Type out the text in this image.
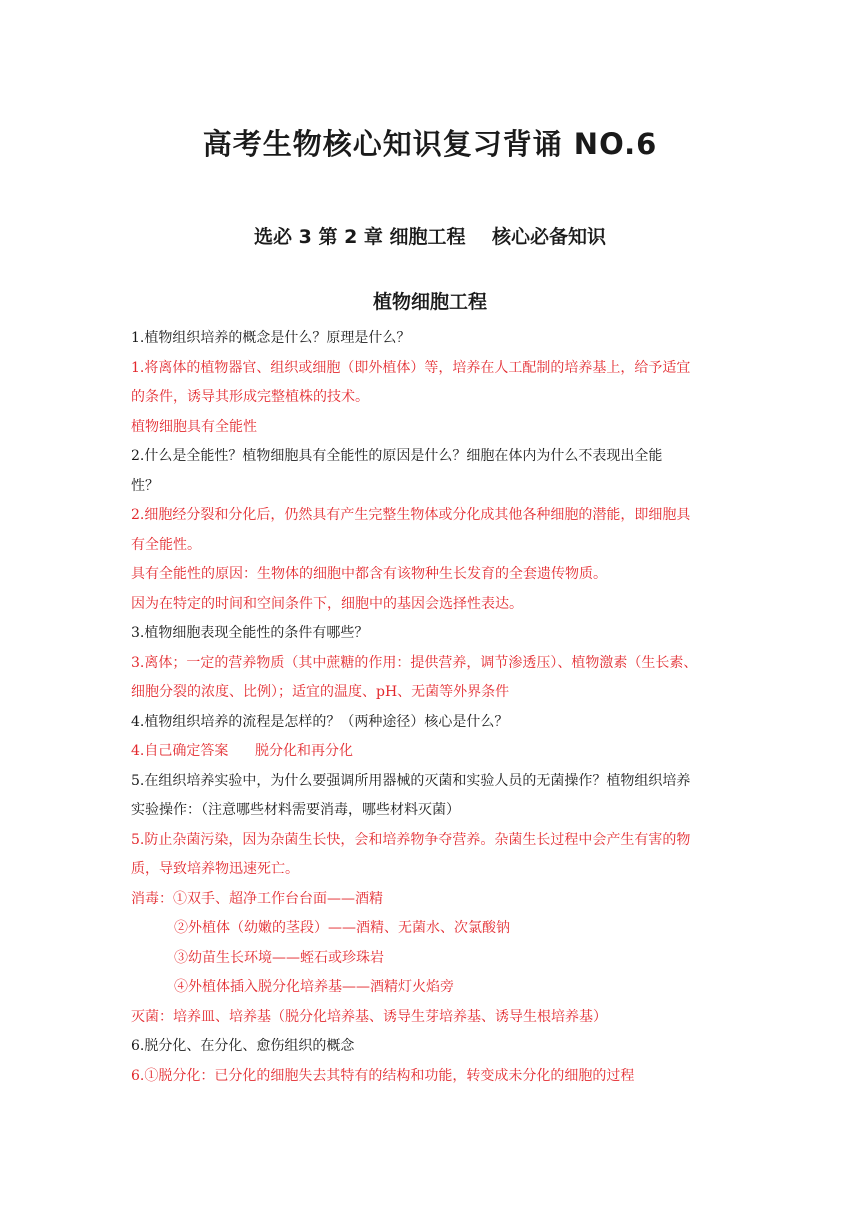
高考生物核心知识复习背诵 NO.6
选必 3 第 2 章 细胞工程    核心必备知识
植物细胞工程
1.植物组织培养的概念是什么？原理是什么？
1.将离体的植物器官、组织或细胞（即外植体）等，培养在人工配制的培养基上，给予适宜
的条件，诱导其形成完整植株的技术。
植物细胞具有全能性
2.什么是全能性？植物细胞具有全能性的原因是什么？细胞在体内为什么不表现出全能
性？
2.细胞经分裂和分化后，仍然具有产生完整生物体或分化成其他各种细胞的潜能，即细胞具
有全能性。
具有全能性的原因：生物体的细胞中都含有该物种生长发育的全套遗传物质。
因为在特定的时间和空间条件下，细胞中的基因会选择性表达。
3.植物细胞表现全能性的条件有哪些？
3.离体；一定的营养物质（其中蔗糖的作用：提供营养，调节渗透压）、植物激素（生长素、
细胞分裂的浓度、比例）；适宜的温度、pH、无菌等外界条件
4.植物组织培养的流程是怎样的？（两种途径）核心是什么？
4.自己确定答案      脱分化和再分化
5.在组织培养实验中，为什么要强调所用器械的灭菌和实验人员的无菌操作？植物组织培养
实验操作：（注意哪些材料需要消毒，哪些材料灭菌）
5.防止杂菌污染，因为杂菌生长快，会和培养物争夺营养。杂菌生长过程中会产生有害的物
质，导致培养物迅速死亡。
消毒：①双手、超净工作台台面——酒精
②外植体（幼嫩的茎段）——酒精、无菌水、次氯酸钠
③幼苗生长环境——蛭石或珍珠岩
④外植体插入脱分化培养基——酒精灯火焰旁
灭菌：培养皿、培养基（脱分化培养基、诱导生芽培养基、诱导生根培养基）
6.脱分化、在分化、愈伤组织的概念
6.①脱分化：已分化的细胞失去其特有的结构和功能，转变成未分化的细胞的过程
